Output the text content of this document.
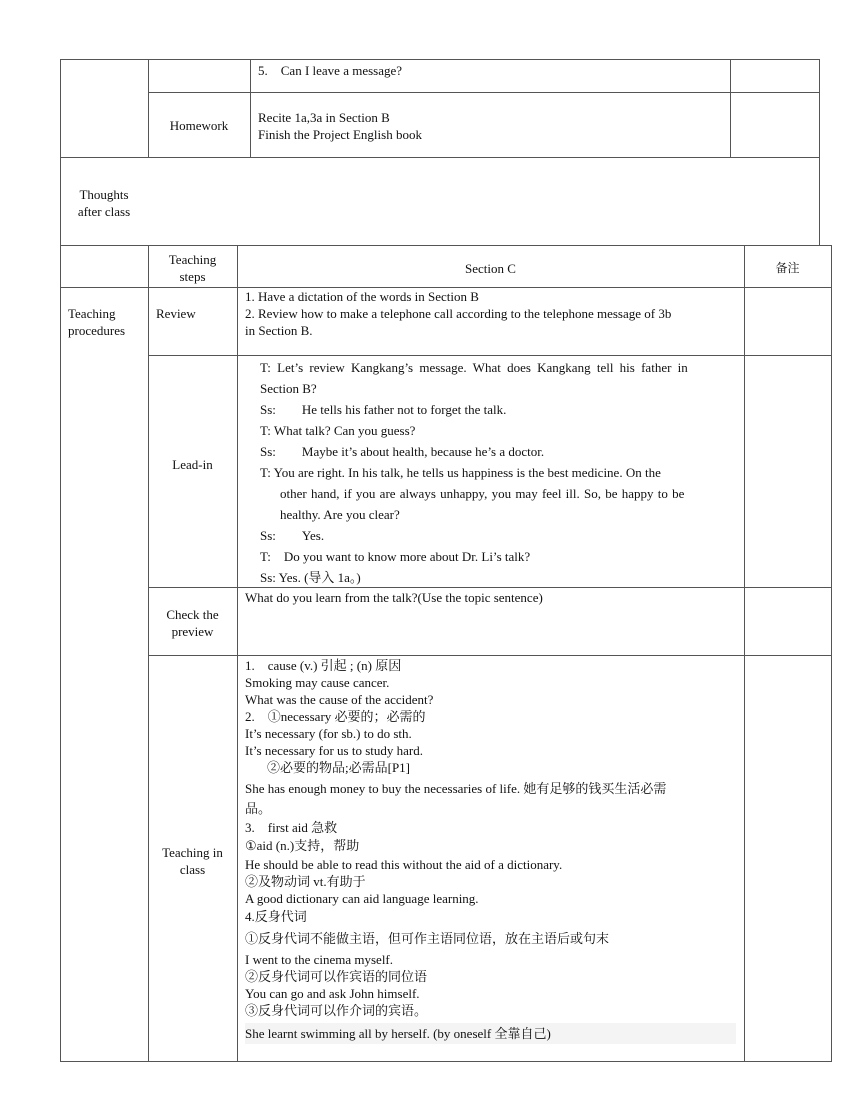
5.　Can I leave a message?
Homework
Recite 1a,3a in Section B
Finish the Project English book
Thoughts
after class
Teaching
steps
Section C	备注
Teaching
procedures
Review

1. Have a dictation of the words in Section B

2. Review how to make a telephone call according to the telephone message of 3b

in Section B.

Lead-in

T: Let’s review Kangkang’s message. What does Kangkang tell his father in

Section B?

Ss:　　He tells his father not to forget the talk.

T: What talk? Can you guess?

Ss:　　Maybe it’s about health, because he’s a doctor.

T: You are right. In his talk, he tells us happiness is the best medicine. On the

other hand, if you are always unhappy, you may feel ill. So, be happy to be

healthy. Are you clear?

Ss:　　Yes.

T:　Do you want to know more about Dr. Li’s talk?

Ss: Yes. (导入 1a。)

Check the
preview
What do you learn from the talk?(Use the topic sentence)
Teaching in
class

1.　cause (v.) 引起 ; (n) 原因

Smoking may cause cancer.

What was the cause of the accident?

2.　①necessary 必要的；必需的

It’s necessary (for sb.) to do sth.

It’s necessary for us to study hard.

②必要的物品;必需品[P1]

She has enough money to buy the necessaries of life. 她有足够的钱买生活必需

品。

3.　first aid 急救

①aid (n.)支持，帮助

He should be able to read this without the aid of a dictionary.

②及物动词 vt.有助于

A good dictionary can aid language learning.

4.反身代词

①反身代词不能做主语，但可作主语同位语，放在主语后或句末

I went to the cinema myself.

②反身代词可以作宾语的同位语

You can go and ask John himself.

③反身代词可以作介词的宾语。

She learnt swimming all by herself. (by oneself 全靠自己)
